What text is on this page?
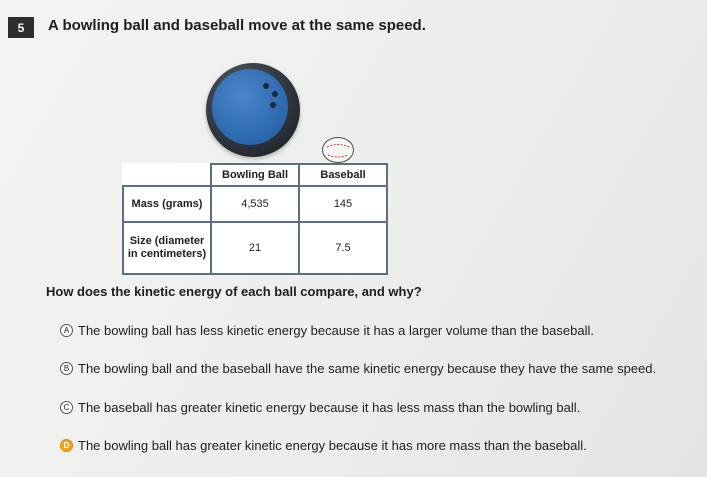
5	A bowling ball and baseball move at the same speed.
	Bowling Ball	Baseball
Mass (grams)	4,535	145
Size (diameter in centimeters)	21	7.5
How does the kinetic energy of each ball compare, and why?
A The bowling ball has less kinetic energy because it has a larger volume than the baseball.
B The bowling ball and the baseball have the same kinetic energy because they have the same speed.
C The baseball has greater kinetic energy because it has less mass than the bowling ball.
D The bowling ball has greater kinetic energy because it has more mass than the baseball.
